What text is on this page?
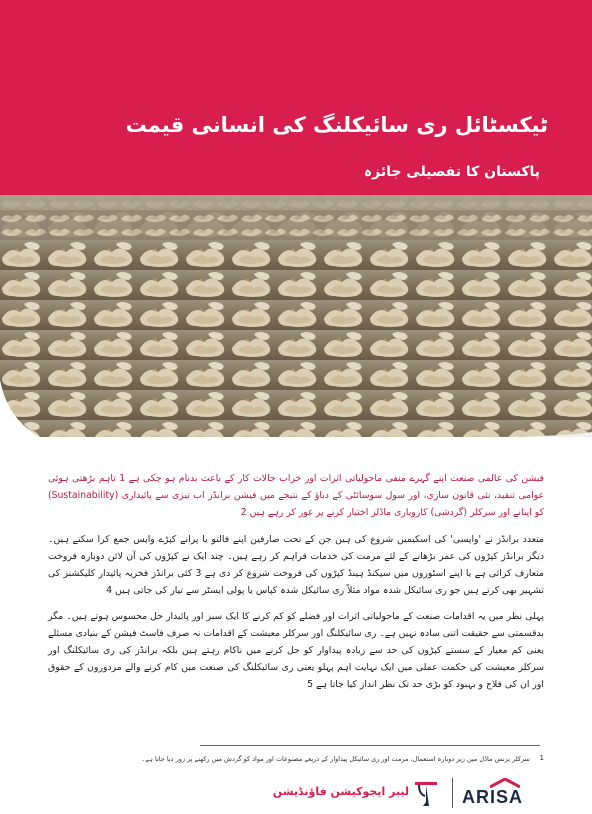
ٹیکسٹائل ری سائیکلنگ کی انسانی قیمت
پاکستان کا تفصیلی جائزہ
فیشن کی عالمی صنعت اپنے گہرے منفی ماحولیاتی اثرات اور خراب حالات کار کے باعث بدنام ہو چکی ہے 1 تاہم بڑھتی ہوئی عوامی تنقید، نئی قانون سازی، اور سول سوسائٹی کے دباؤ کے نتیجے میں فیشن برانڈز اب تیزی سے پائیداری (Sustainability) کو اپنانے اور سرکلر (گردشی) کاروباری ماڈلز اختیار کرنے پر غور کر رہے ہیں 2
متعدد برانڈز نے 'واپسی' کی اسکیمیں شروع کی ہیں جن کے تحت صارفین اپنے فالتو یا پرانے کپڑے واپس جمع کرا سکتے ہیں۔ دیگر برانڈز کپڑوں کی عمر بڑھانے کے لئے مرمت کی خدمات فراہم کر رہے ہیں۔ چند ایک نے کپڑوں کی آن لائن دوبارہ فروخت متعارف کرائی ہے یا اپنے اسٹوروں میں سیکنڈ ہینڈ کپڑوں کی فروخت شروع کر دی ہے 3 کئی برانڈز فخریہ پائیدار کلیکشنز کی تشہیر بھی کرتے ہیں جو ری سائیکل شدہ مواد مثلاً ری سائیکل شدہ کپاس یا پولی ایسٹر سے تیار کی جاتی ہیں 4
پہلی نظر میں یہ اقدامات صنعت کے ماحولیاتی اثرات اور فضلے کو کم کرنے کا ایک سبز اور پائیدار حل محسوس ہوتے ہیں۔ مگر بدقسمتی سے حقیقت اتنی سادہ نہیں ہے۔ ری سائیکلنگ اور سرکلر معیشت کے اقدامات نہ صرف فاسٹ فیشن کے بنیادی مسئلے یعنی کم معیار کے سستے کپڑوں کی حد سے زیادہ پیداوار کو حل کرنے میں ناکام رہتے ہیں بلکہ برانڈز کی ری سائیکلنگ اور سرکلر معیشت کی حکمت عملی میں ایک نہایت اہم پہلو یعنی ری سائیکلنگ کی صنعت میں کام کرنے والے مزدوروں کے حقوق اور ان کی فلاح و بہبود کو بڑی حد تک نظر انداز کیا جاتا ہے 5
1
سرکلر بزنس ماڈل میں زیر دوبارہ استعمال، مرمت اور ری سائیکل پیداوار کے ذریعے مصنوعات اور مواد کو گردش میں رکھنے پر زور دیا جاتا ہے۔
لیبر ایجوکیشن فاؤنڈیشن	ARISA
